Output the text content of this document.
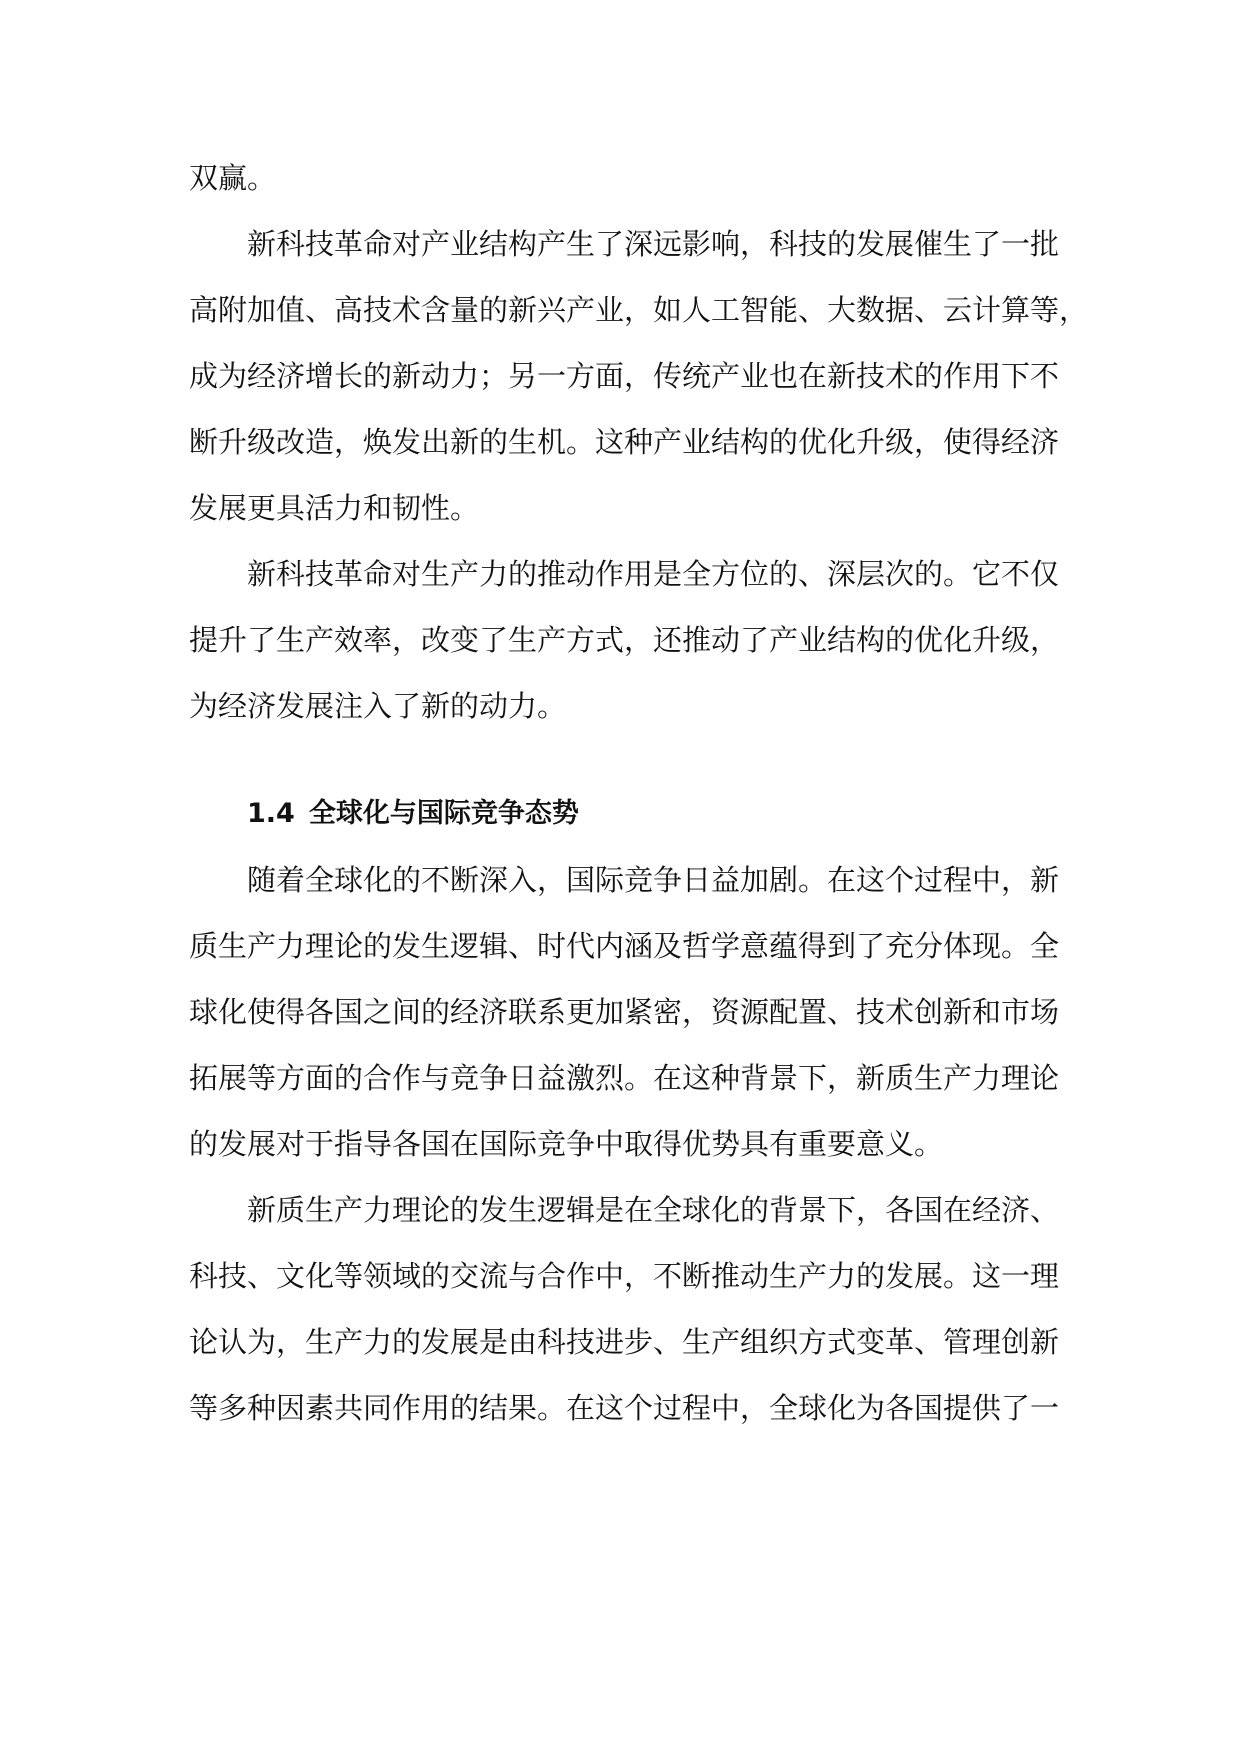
双赢。
新科技革命对产业结构产生了深远影响，科技的发展催生了一批
高附加值、高技术含量的新兴产业，如人工智能、大数据、云计算等，
成为经济增长的新动力；另一方面，传统产业也在新技术的作用下不
断升级改造，焕发出新的生机。这种产业结构的优化升级，使得经济
发展更具活力和韧性。
新科技革命对生产力的推动作用是全方位的、深层次的。它不仅
提升了生产效率，改变了生产方式，还推动了产业结构的优化升级，
为经济发展注入了新的动力。
1.4 全球化与国际竞争态势
随着全球化的不断深入，国际竞争日益加剧。在这个过程中，新
质生产力理论的发生逻辑、时代内涵及哲学意蕴得到了充分体现。全
球化使得各国之间的经济联系更加紧密，资源配置、技术创新和市场
拓展等方面的合作与竞争日益激烈。在这种背景下，新质生产力理论
的发展对于指导各国在国际竞争中取得优势具有重要意义。
新质生产力理论的发生逻辑是在全球化的背景下，各国在经济、
科技、文化等领域的交流与合作中，不断推动生产力的发展。这一理
论认为，生产力的发展是由科技进步、生产组织方式变革、管理创新
等多种因素共同作用的结果。在这个过程中，全球化为各国提供了一
